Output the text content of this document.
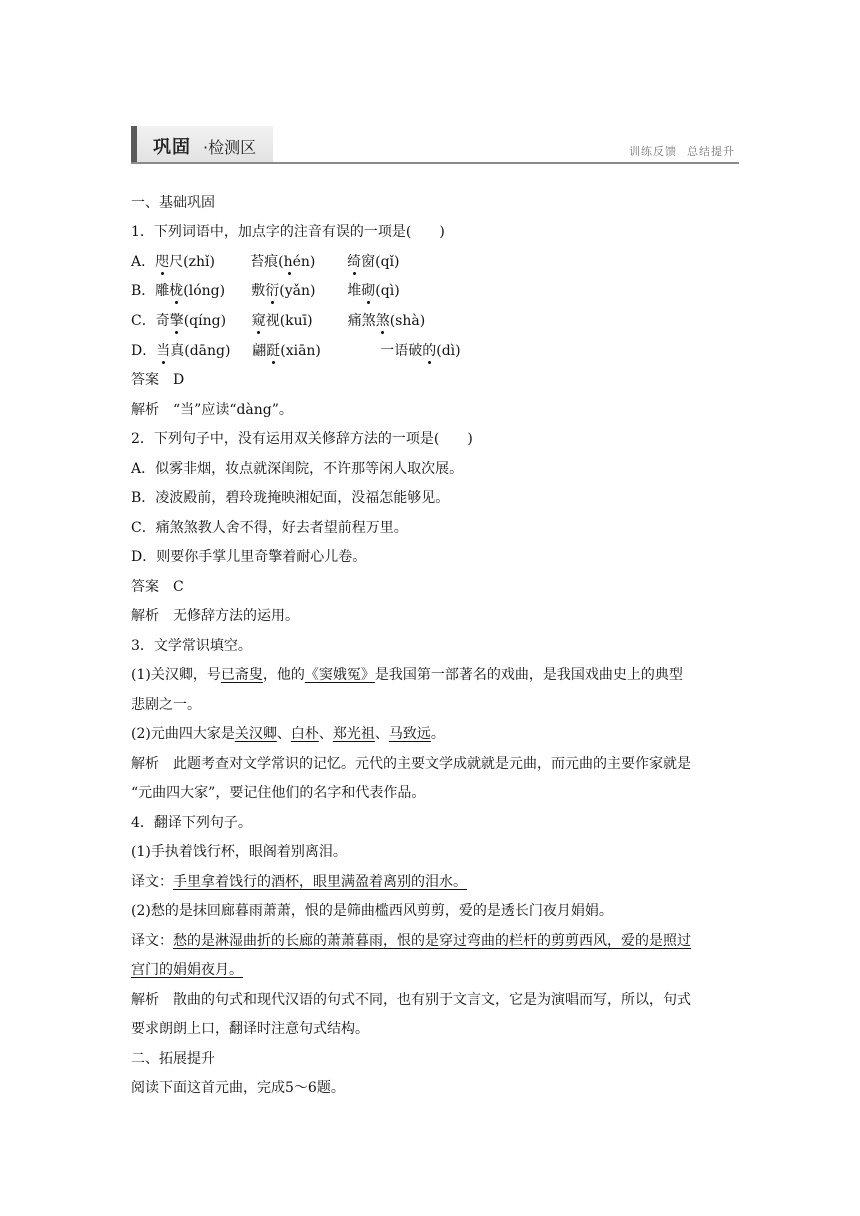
巩固 ·检测区	训练反馈 总结提升
一、基础巩固
1．下列词语中，加点字的注音有误的一项是(　　)
A．咫尺(zhǐ)	苔痕(hén) 绮窗(qǐ)
B．雕栊(lóng) 敷衍(yǎn) 堆砌(qì)
C．奇擎(qíng) 窥视(kuī)	痛煞煞(shà)
D．当真(dāng) 翩跹(xiān)	一语破的(dì)
答案　D
解析　“当”应读“dàng”。
2．下列句子中，没有运用双关修辞方法的一项是(　　)
A．似雾非烟，妆点就深闺院，不许那等闲人取次展。
B．凌波殿前，碧玲珑掩映湘妃面，没福怎能够见。
C．痛煞煞教人舍不得，好去者望前程万里。
D．则要你手掌儿里奇擎着耐心儿卷。
答案　C
解析　无修辞方法的运用。
3．文学常识填空。
(1)关汉卿，号已斋叟，他的《窦娥冤》是我国第一部著名的戏曲，是我国戏曲史上的典型
悲剧之一。
(2)元曲四大家是关汉卿、白朴、郑光祖、马致远。
解析　此题考查对文学常识的记忆。元代的主要文学成就就是元曲，而元曲的主要作家就是
“元曲四大家”，要记住他们的名字和代表作品。
4．翻译下列句子。
(1)手执着饯行杯，眼阁着别离泪。
译文：手里拿着饯行的酒杯，眼里满盈着离别的泪水。
(2)愁的是抹回廊暮雨萧萧，恨的是筛曲槛西风剪剪，爱的是透长门夜月娟娟。
译文：愁的是淋湿曲折的长廊的萧萧暮雨，恨的是穿过弯曲的栏杆的剪剪西风，爱的是照过
宫门的娟娟夜月。
解析　散曲的句式和现代汉语的句式不同，也有别于文言文，它是为演唱而写，所以，句式
要求朗朗上口，翻译时注意句式结构。
二、拓展提升
阅读下面这首元曲，完成5～6题。
